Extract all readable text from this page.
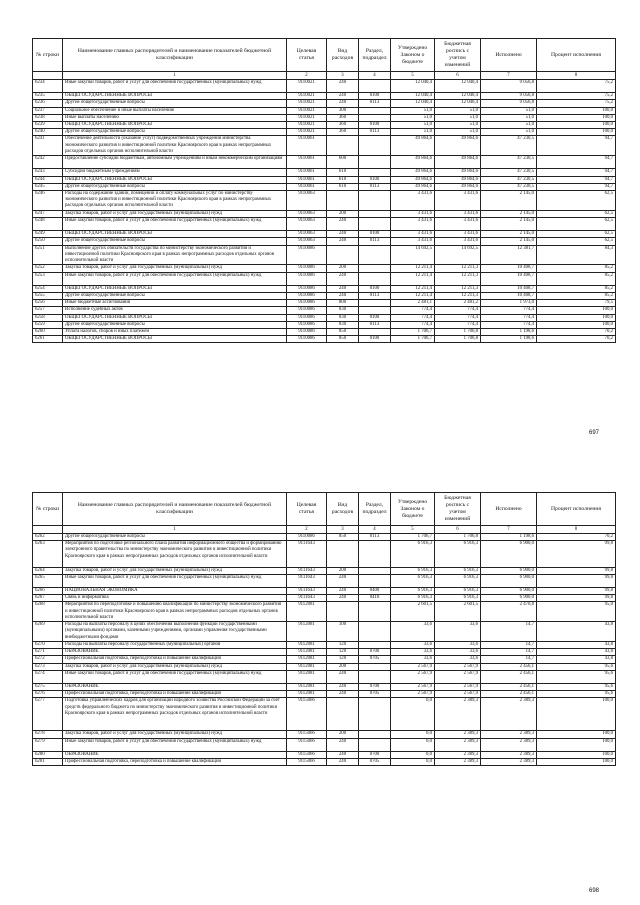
№ строки	Наименование главных распорядителей и наименование показателей бюджетной классификации	Целевая статья	Вид расходов	Раздел, подраздел	Утверждено Законом о бюджете	Бюджетная роспись с учетом изменений	Исполнено	Процент исполнения
	1	2	3	4	5	6	7	8
6234	Иные закупки товаров, работ и услуг для обеспечения государственных (муниципальных) нужд	9110021	240		12 040,4	12 040,4	9 056,8	75,2
6235	ОБЩЕГОСУДАРСТВЕННЫЕ ВОПРОСЫ	9110021	240	0100	12 040,4	12 040,4	9 056,8	75,2
6236	Другие общегосударственные вопросы	9110021	240	0113	12 040,4	12 040,4	9 056,8	75,2
6237	Социальное обеспечение и иные выплаты населению	9110021	300		51,0	51,0	51,0	100,0
6238	Иные выплаты населению	9110021	360		51,0	51,0	51,0	100,0
6239	ОБЩЕГОСУДАРСТВЕННЫЕ ВОПРОСЫ	9110021	360	0100	51,0	51,0	51,0	100,0
6240	Другие общегосударственные вопросы	9110021	360	0113	51,0	51,0	51,0	100,0
6241	Обеспечение деятельности (оказание услуг) подведомственных учреждений министерства экономического развития и инвестиционной политики Красноярского края в рамках непрограммных расходов отдельных органов исполнительной власти	9110061			49 864,6	49 864,6	47 230,5	94,7
6242	Предоставление субсидий бюджетным, автономным учреждениям и иным некоммерческим организациям	9110061	600		49 864,6	49 864,6	47 230,5	94,7
6243	Субсидии бюджетным учреждениям	9110061	610		49 864,6	49 864,6	47 230,5	94,7
6244	ОБЩЕГОСУДАРСТВЕННЫЕ ВОПРОСЫ	9110061	610	0100	49 864,6	49 864,6	47 230,5	94,7
6245	Другие общегосударственные вопросы	9110061	610	0113	49 864,6	49 864,6	47 230,5	94,7
6246	Расходы на содержание зданий, помещений и оплату коммунальных услуг по министерству экономического развития и инвестиционной политики Красноярского края в рамках непрограммных расходов отдельных органов исполнительной власти	9110063			3 431,6	3 431,6	2 145,0	62,5
6247	Закупка товаров, работ и услуг для государственных (муниципальных) нужд	9110063	200		3 431,6	3 431,6	2 145,0	62,5
6248	Иные закупки товаров, работ и услуг для обеспечения государственных (муниципальных) нужд	9110063	240		3 431,6	3 431,6	2 145,0	62,5
6249	ОБЩЕГОСУДАРСТВЕННЫЕ ВОПРОСЫ	9110063	240	0100	3 431,6	3 431,6	2 145,0	62,5
6250	Другие общегосударственные вопросы	9110063	240	0113	3 431,6	3 431,6	2 145,0	62,5
6251	Выполнение других обязательств государства по министерству экономического развития и инвестиционной политики Красноярского края в рамках непрограммных расходов отдельных органов исполнительной власти	9110086			14 692,5	14 692,5	12 381,7	84,3
6252	Закупка товаров, работ и услуг для государственных (муниципальных) нужд	9110086	200		12 211,4	12 211,3	10 408,7	85,2
6253	Иные закупки товаров, работ и услуг для обеспечения государственных (муниципальных) нужд	9110086	240		12 211,4	12 211,3	10 408,7	85,2
6254	ОБЩЕГОСУДАРСТВЕННЫЕ ВОПРОСЫ	9110086	240	0100	12 211,4	12 211,3	10 408,7	85,2
6255	Другие общегосударственные вопросы	9110086	240	0113	12 211,4	12 211,3	10 408,7	85,2
6256	Иные бюджетные ассигнования	9110086	800		2 481,1	2 481,2	1 973,0	79,5
6257	Исполнение судебных актов	9110086	830		774,4	774,4	774,4	100,0
6258	ОБЩЕГОСУДАРСТВЕННЫЕ ВОПРОСЫ	9110086	830	0100	774,4	774,4	774,4	100,0
6259	Другие общегосударственные вопросы	9110086	830	0113	774,4	774,4	774,4	100,0
6260	Уплата налогов, сборов и иных платежей	9110086	850		1 706,7	1 706,8	1 198,6	70,2
6261	ОБЩЕГОСУДАРСТВЕННЫЕ ВОПРОСЫ	9110086	850	0100	1 706,7	1 706,8	1 198,6	70,2
697
№ строки	Наименование главных распорядителей и наименование показателей бюджетной классификации	Целевая статья	Вид расходов	Раздел, подраздел	Утверждено Законом о бюджете	Бюджетная роспись с учетом изменений	Исполнено	Процент исполнения
	1	2	3	4	5	6	7	8
6262	Другие общегосударственные вопросы	9110086	850	0113	1 706,7	1 706,8	1 198,6	70,2
6263	Мероприятия по подготовке регионального плана развития информационного общества и формированию электронного правительства по министерству экономического развития и инвестиционной политики Красноярского края в рамках непрограммных расходов отдельных органов исполнительной власти	9111643			6 916,3	6 916,3	6 900,0	99,8
6264	Закупка товаров, работ и услуг для государственных (муниципальных) нужд	9111643	200		6 916,3	6 916,3	6 900,0	99,8
6265	Иные закупки товаров, работ и услуг для обеспечения государственных (муниципальных) нужд	9111643	240		6 916,3	6 916,3	6 900,0	99,8
6266	НАЦИОНАЛЬНАЯ ЭКОНОМИКА	9111643	240	0400	6 916,3	6 916,3	6 900,0	99,8
6267	Связь и информатика	9111643	240	0410	6 916,3	6 916,3	6 900,0	99,8
6268	Мероприятия по переподготовке и повышению квалификации по министерству экономического развития и инвестиционной политики Красноярского края в рамках непрограммных расходов отдельных органов исполнительной власти	9112081			2 601,5	2 601,5	2 470,8	95,0
6269	Расходы на выплаты персоналу в целях обеспечения выполнения функций государственными (муниципальными) органами, казенными учреждениями, органами управления государственными внебюджетными фондами	9112081	100		33,6	33,6	14,7	43,8
6270	Расходы на выплаты персоналу государственных (муниципальных) органов	9112081	120		33,6	33,6	14,7	43,8
6271	ОБРАЗОВАНИЕ	9112081	120	0700	33,6	33,6	14,7	43,8
6272	Профессиональная подготовка, переподготовка и повышение квалификации	9112081	120	0705	33,6	33,6	14,7	43,8
6273	Закупка товаров, работ и услуг для государственных (муниципальных) нужд	9112081	200		2 567,9	2 567,9	2 456,1	95,6
6274	Иные закупки товаров, работ и услуг для обеспечения государственных (муниципальных) нужд	9112081	240		2 567,9	2 567,9	2 456,1	95,6
6275	ОБРАЗОВАНИЕ	9112081	240	0700	2 567,9	2 567,9	2 456,1	95,6
6276	Профессиональная подготовка, переподготовка и повышение квалификации	9112081	240	0705	2 567,9	2 567,9	2 456,1	95,6
6277	Подготовка управленческих кадров для организаций народного хозяйства Российской Федерации за счет средств федерального бюджета по министерству экономического развития и инвестиционной политики Красноярского края в рамках непрограммных расходов отдельных органов исполнительной власти	9115066			0,0	2 389,3	2 389,3	100,0
6278	Закупка товаров, работ и услуг для государственных (муниципальных) нужд	9115066	200		0,0	2 389,3	2 389,3	100,0
6279	Иные закупки товаров, работ и услуг для обеспечения государственных (муниципальных) нужд	9115066	240		0,0	2 389,3	2 389,3	100,0
6280	ОБРАЗОВАНИЕ	9115066	240	0700	0,0	2 389,3	2 389,3	100,0
6281	Профессиональная подготовка, переподготовка и повышение квалификации	9115066	240	0705	0,0	2 389,3	2 389,3	100,0
698
